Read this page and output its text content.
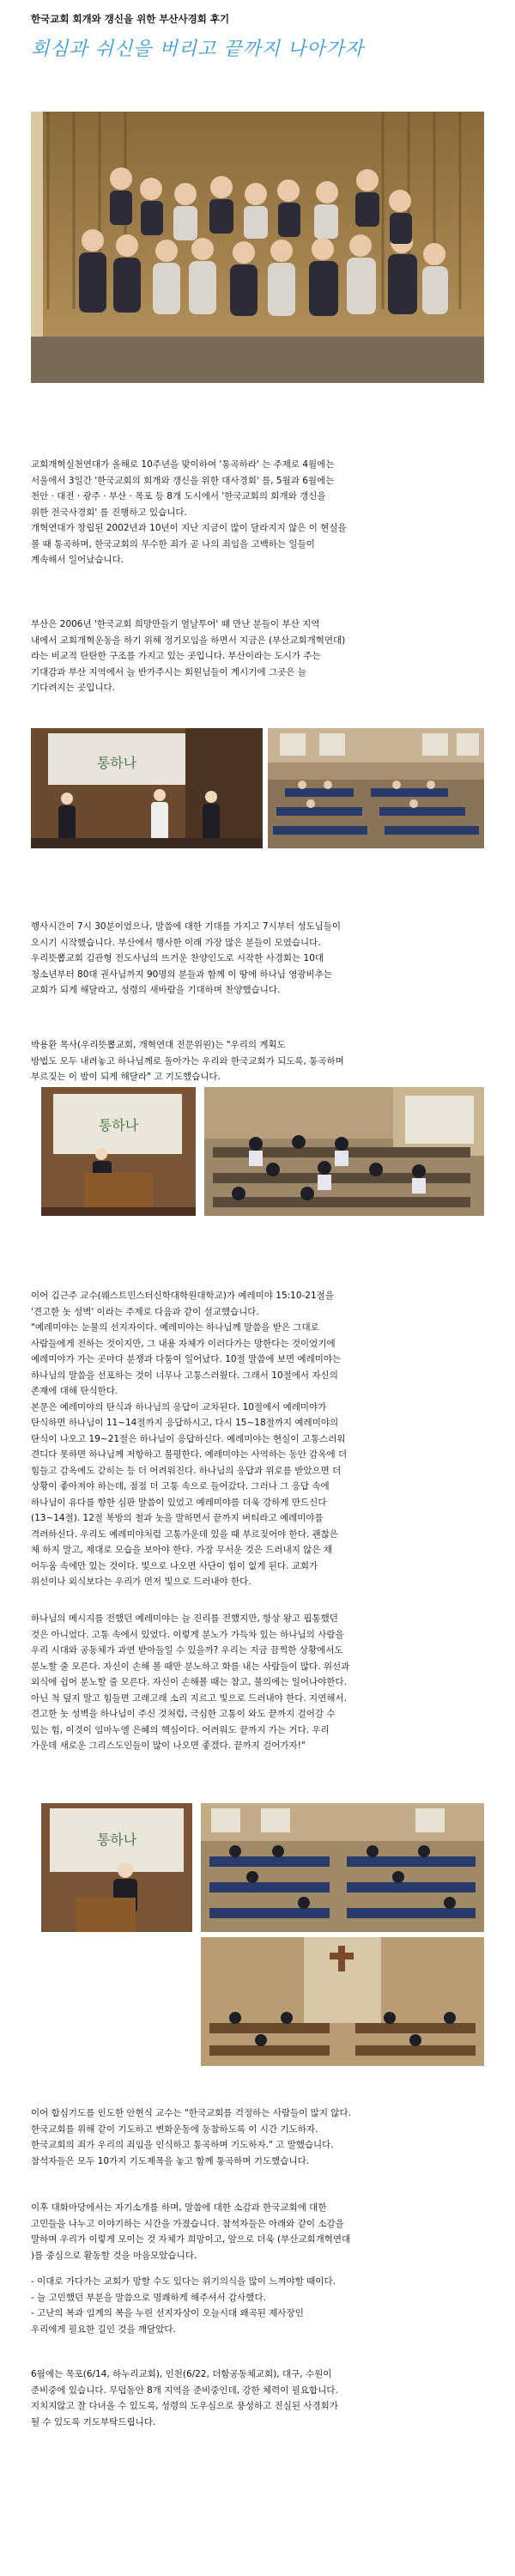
한국교회 회개와 갱신을 위한 부산사경회 후기
회심과 쉬신을 버리고 끝까지 나아가자
교회개혁실천연대가 올해로 10주년을 맞이하여 '통곡하라' 는 주제로 4월에는
서울에서 3일간 '한국교회의 회개와 갱신을 위한 대사경회' 를, 5월과 6월에는
천안 · 대전 · 광주 · 부산 · 목포 등 8개 도시에서 '한국교회의 회개와 갱신을
위한 전국사경회' 를 진행하고 있습니다.
개혁연대가 창립된 2002년과 10년이 지난 지금이 많이 달라지지 않은 이 현실을
볼 때 통곡하며, 한국교회의 무수한 죄가 곧 나의 죄임을 고백하는 일들이
계속해서 일어났습니다.
부산은 2006년 '한국교회 희망만들기 열날투어' 때 만난 분들이 부산 지역
내에서 교회개혁운동을 하기 위해 정기모임을 하면서 지금은 (부산교회개혁연대)
라는 비교적 탄탄한 구조를 가지고 있는 곳입니다. 부산이라는 도시가 주는
기대감과 부산 지역에서 늘 반가주시는 회원님들이 계시기에 그곳은 늘
기다려지는 곳입니다.
통하나
행사시간이 7시 30분이었으나, 말씀에 대한 기대를 가지고 7시부터 성도님들이
오시기 시작했습니다. 부산에서 행사한 이래 가장 많은 분들이 모였습니다.
우리뜻뽑교회 김관형 전도사님의 뜨거운 찬양인도로 시작한 사경회는 10대
청소년부터 80대 권사님까지 90명의 분들과 함께 이 땅에 하나님 영광비추는
교회가 되게 해달라고, 성령의 새바람을 기대하며 찬양했습니다.
박용환 목사(우리뜻뽑교회, 개혁연대 전문위원)는 "우리의 계획도
방법도 모두 내려놓고 하나님께로 돌아가는 우리와 한국교회가 되도록, 통곡하며
부르짖는 이 밤이 되게 해달라" 고 기도했습니다.
통하나
이어 김근주 교수(웨스트민스터신학대학원대학교)가 예레미야 15:10-21절을
'견고한 놋 성벽' 이라는 주제로 다음과 같이 설교했습니다.
"예레미야는 눈물의 선지자이다. 예레미야는 하나님께 말씀을 받은 그대로
사람들에게 전하는 것이지만, 그 내용 자체가 이러다가는 망한다는 것이었기에
예레미야가 가는 곳마다 분쟁과 다툼이 일어났다. 10절 말씀에 보면 예레미야는
하나님의 말씀을 선포하는 것이 너무나 고통스러웠다. 그래서 10절에서 자신의
존재에 대해 탄식한다.
본문은 예레미야의 탄식과 하나님의 응답이 교차된다. 10절에서 예레미야가
탄식하면 하나님이 11~14절까지 응답하시고, 다시 15~18절까지 예레미야의
탄식이 나오고 19~21절은 하나님이 응답하신다. 예레미야는 현실이 고통스러워
견디다 못하면 하나님께 저항하고 불평한다. 예레미야는 사역하는 동안 감옥에 더
힘들고 감옥에도 갇히는 등 더 어려워진다. 하나님의 응답과 위로를 받았으면 더
상황이 좋아져야 하는데, 점점 더 고통 속으로 들어갔다. 그러나 그 응답 속에
하나님이 유다를 향한 심판 말씀이 있었고 예레미야를 더욱 강하게 만드신다
(13~14절). 12절 북방의 철과 놋을 말하면서 끝까지 버티라고 예레미야를
격려하신다. 우리도 예레미야처럼 고통가운데 있을 때 부르짖어야 한다. 괜찮은
체 하지 말고, 제대로 모습을 보아야 한다. 가장 무서운 것은 드러내지 않은 채
어두움 속에만 있는 것이다. 빛으로 나오면 사단이 힘이 없게 된다. 교회가
위선이나 외식보다는 우리가 먼저 빛으로 드러내야 한다.
하나님의 메시지를 전했던 예레미야는 늘 진리를 전했지만, 항상 왕고 핍통했던
것은 아니었다. 고통 속에서 있었다. 이렇게 분노가 가득차 있는 하나님의 사람을
우리 시대와 공동체가 과연 받아들일 수 있을까? 우리는 지금 끔찍한 상황에서도
분노할 줄 모른다. 자신이 손해 볼 때만 분노하고 화를 내는 사람들이 많다. 위선과
외식에 쉽어 분노할 줄 모른다. 자신이 손해볼 때는 참고, 불의에는 일어나야한다.
아닌 척 덮지 말고 힘들면 고래고래 소리 지르고 빛으로 드러내야 한다. 지연해서.
견고한 놋 성벽을 하나님이 주신 것처럼, 극심한 고통이 와도 끝까지 걸어갈 수
있는 힘, 이것이 임마누엘 은혜의 핵심이다. 어려워도 끝까지 가는 거다. 우리
가운데 새로운 그리스도인들이 많이 나오면 좋겠다. 끝까지 걸어가자!"
통하나
이어 합심기도를 인도한 안현식 교수는 "한국교회를 걱정하는 사람들이 많지 않다.
한국교회를 위해 같이 기도하고 변화운동에 동참하도록 이 시간 기도하자.
한국교회의 죄가 우리의 죄임을 인식하고 통곡하며 기도하자." 고 말했습니다.
참석자들은 모두 10가지 기도제목을 놓고 함께 통곡하며 기도했습니다.
이후 대화마당에서는 자기소개를 하며, 말씀에 대한 소감과 한국교회에 대한
고민들을 나누고 이야기하는 시간을 가졌습니다. 참석자들은 아래와 같이 소감을
말하며 우리가 이렇게 모이는 것 자체가 희망이고, 앞으로 더욱 (부산교회개혁연대
)를 중심으로 활동할 것을 마음모았습니다.
- 이대로 가다가는 교회가 망할 수도 있다는 위기의식을 많이 느껴야할 때이다.
- 늘 고민했던 부분을 말씀으로 명쾌하게 해주셔서 감사했다.
- 고난의 복과 임계의 복을 누린 선지자상이 오늘시대 왜곡된 제사장인
우리에게 필요한 길인 것을 깨달았다.
6월에는 목포(6/14, 하누리교회), 인천(6/22, 더함공동체교회), 대구, 수원이
준비중에 있습니다. 무덥동안 8개 지역을 준비중인데, 강한 체력이 필요합니다.
지치지않고 잘 다녀올 수 있도록, 성령의 도우심으로 풍성하고 진실된 사경회가
될 수 있도록 기도부탁드립니다.
